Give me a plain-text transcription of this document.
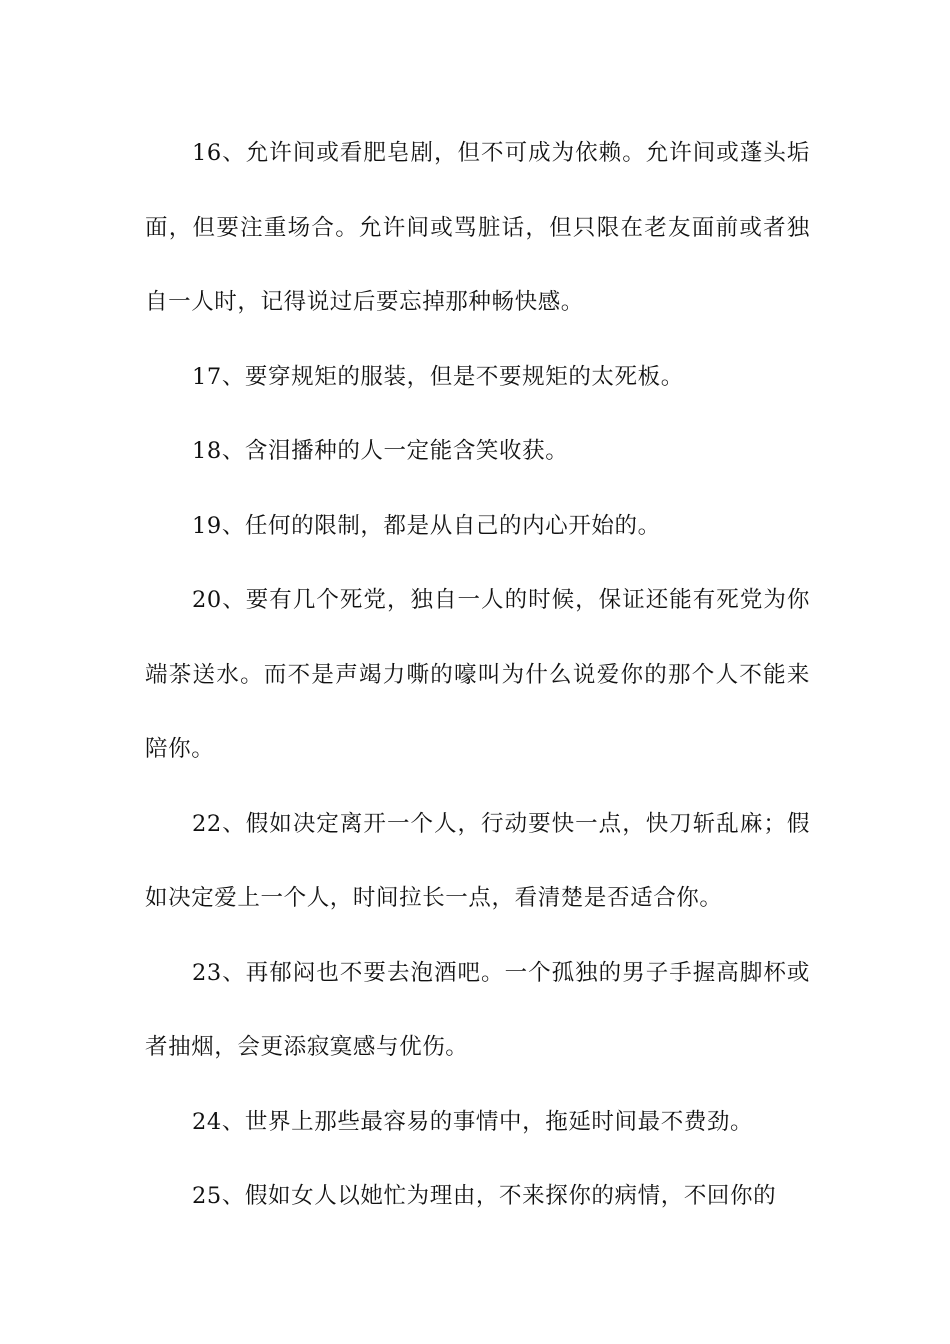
16、允许间或看肥皂剧，但不可成为依赖。允许间或蓬头垢面，但要注重场合。允许间或骂脏话，但只限在老友面前或者独自一人时，记得说过后要忘掉那种畅快感。

17、要穿规矩的服装，但是不要规矩的太死板。

18、含泪播种的人一定能含笑收获。

19、任何的限制，都是从自己的内心开始的。

20、要有几个死党，独自一人的时候，保证还能有死党为你端茶送水。而不是声竭力嘶的嚎叫为什么说爱你的那个人不能来陪你。

22、假如决定离开一个人，行动要快一点，快刀斩乱麻；假如决定爱上一个人，时间拉长一点，看清楚是否适合你。

23、再郁闷也不要去泡酒吧。一个孤独的男子手握高脚杯或者抽烟，会更添寂寞感与优伤。

24、世界上那些最容易的事情中，拖延时间最不费劲。

25、假如女人以她忙为理由，不来探你的病情，不回你的
